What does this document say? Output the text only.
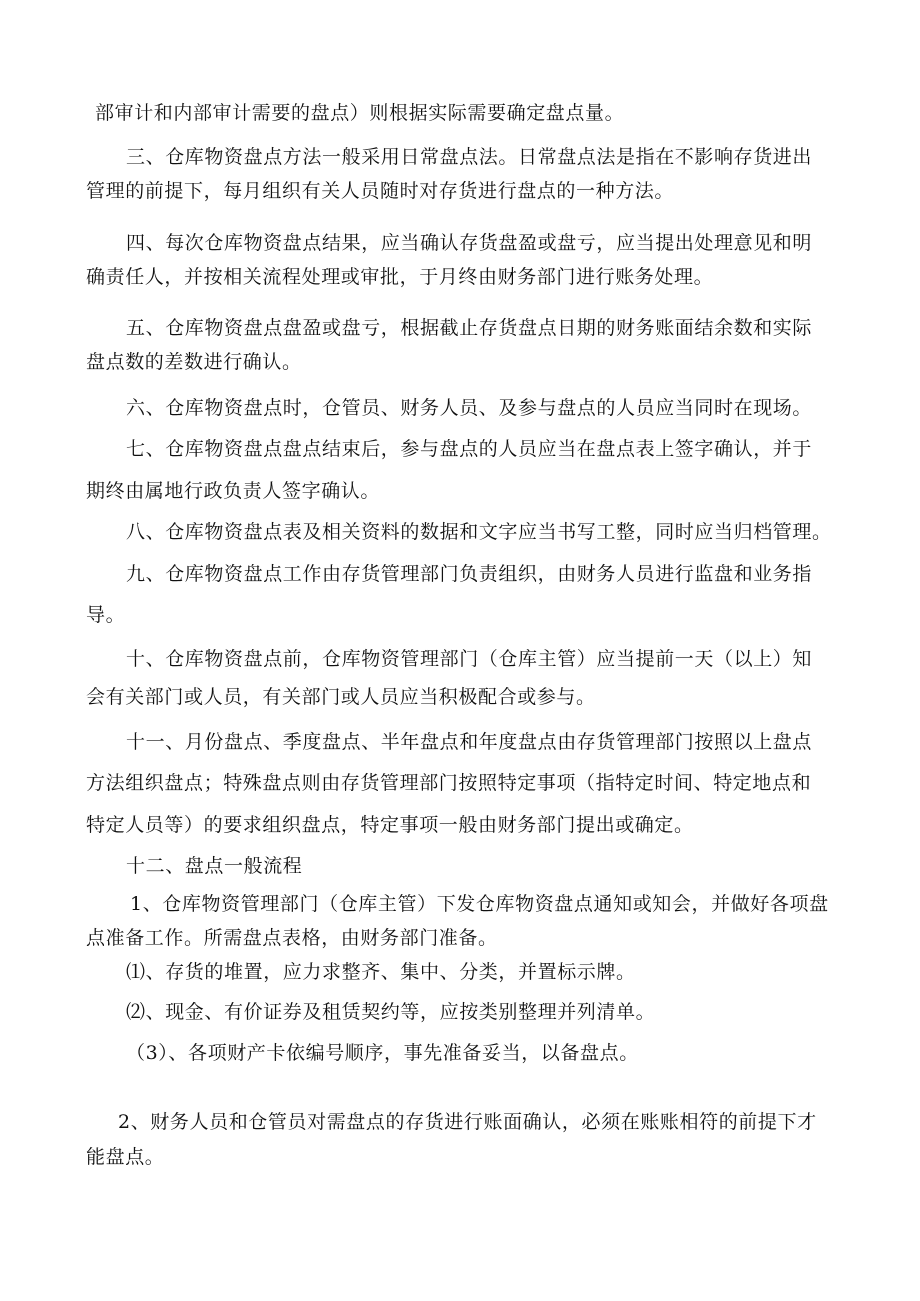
部审计和内部审计需要的盘点）则根据实际需要确定盘点量。
三、仓库物资盘点方法一般采用日常盘点法。日常盘点法是指在不影响存货进出
管理的前提下，每月组织有关人员随时对存货进行盘点的一种方法。
四、每次仓库物资盘点结果，应当确认存货盘盈或盘亏，应当提出处理意见和明
确责任人，并按相关流程处理或审批，于月终由财务部门进行账务处理。
五、仓库物资盘点盘盈或盘亏，根据截止存货盘点日期的财务账面结余数和实际
盘点数的差数进行确认。
六、仓库物资盘点时，仓管员、财务人员、及参与盘点的人员应当同时在现场。
七、仓库物资盘点盘点结束后，参与盘点的人员应当在盘点表上签字确认，并于
期终由属地行政负责人签字确认。
八、仓库物资盘点表及相关资料的数据和文字应当书写工整，同时应当归档管理。
九、仓库物资盘点工作由存货管理部门负责组织，由财务人员进行监盘和业务指
导。
十、仓库物资盘点前，仓库物资管理部门（仓库主管）应当提前一天（以上）知
会有关部门或人员，有关部门或人员应当积极配合或参与。
十一、月份盘点、季度盘点、半年盘点和年度盘点由存货管理部门按照以上盘点
方法组织盘点；特殊盘点则由存货管理部门按照特定事项（指特定时间、特定地点和
特定人员等）的要求组织盘点，特定事项一般由财务部门提出或确定。
十二、盘点一般流程
1、仓库物资管理部门（仓库主管）下发仓库物资盘点通知或知会，并做好各项盘
点准备工作。所需盘点表格，由财务部门准备。
⑴、存货的堆置，应力求整齐、集中、分类，并置标示牌。
⑵、现金、有价证券及租赁契约等，应按类别整理并列清单。
（3）、各项财产卡依编号顺序，事先准备妥当，以备盘点。
2、财务人员和仓管员对需盘点的存货进行账面确认，必须在账账相符的前提下才
能盘点。
